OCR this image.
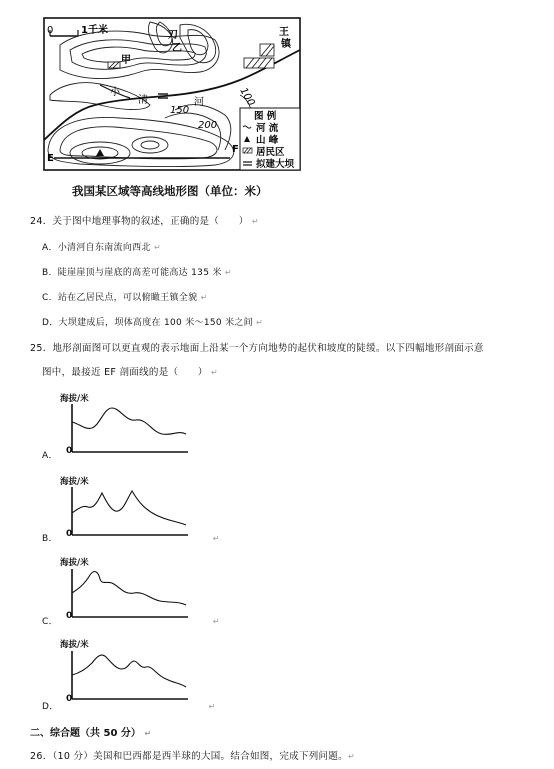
0	1千米
甲
乙
刀
小
清	河
王
镇
150
200
100
E
F
图 例
河 流
山 峰
居民区
拟建大坝
我国某区域等高线地形图（单位：米）
24．关于图中地理事物的叙述，正确的是（　　） ↵
A．小清河自东南流向西北 ↵
B．陡崖崖顶与崖底的高差可能高达 135 米 ↵
C．站在乙居民点，可以俯瞰王镇全貌 ↵
D．大坝建成后，坝体高度在 100 米～150 米之间 ↵
25．地形剖面图可以更直观的表示地面上沿某一个方向地势的起伏和坡度的陡缓。以下四幅地形剖面示意
图中，最接近 EF 剖面线的是（　　） ↵
海拔/米
0
A．
海拔/米
0
B．	↵
海拔/米
0
C．	↵
海拔/米
0
D．	↵
二、综合题（共 50 分） ↵
26．（10 分）美国和巴西都是西半球的大国。结合如图，完成下列问题。↵
